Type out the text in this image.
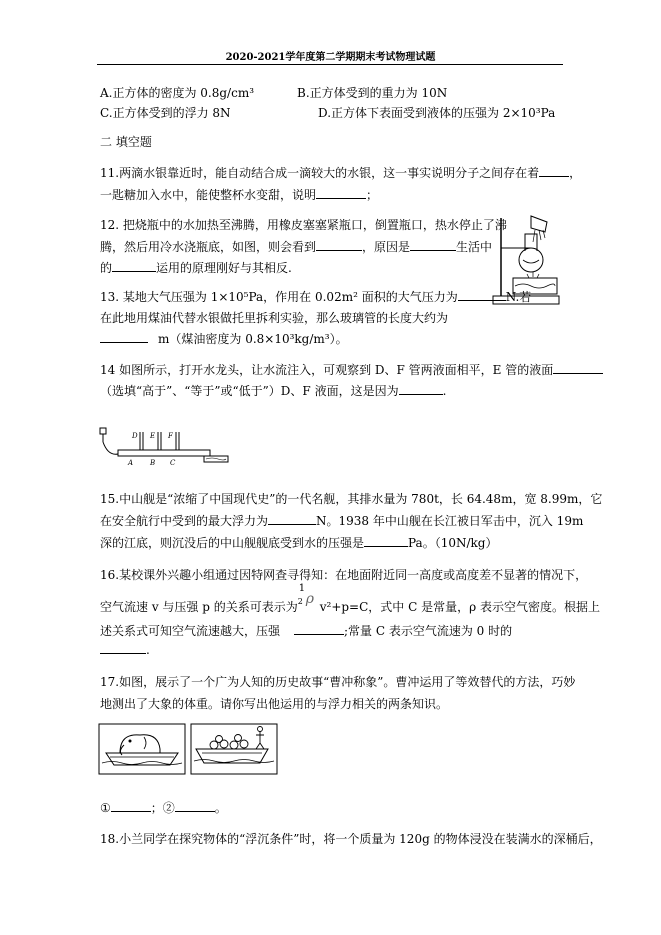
2020-2021学年度第二学期期末考试物理试题
A.正方体的密度为 0.8g/cm³	B.正方体受到的重力为 10N
C.正方体受到的浮力 8N	D.正方体下表面受到液体的压强为 2×10³Pa
二 填空题
11.两滴水银靠近时，能自动结合成一滴较大的水银，这一事实说明分子之间存在着	，
一匙糖加入水中，能使整杯水变甜，说明	；
12. 把烧瓶中的水加热至沸腾，用橡皮塞塞紧瓶口，倒置瓶口，热水停止了沸
腾，然后用冷水浇瓶底，如图，则会看到	，原因是	生活中
的	运用的原理刚好与其相反.
13. 某地大气压强为 1×10⁵Pa，作用在 0.02m² 面积的大气压力为	N.若
在此地用煤油代替水银做托里拆利实验，那么玻璃管的长度大约为
m（煤油密度为 0.8×10³kg/m³）。
14 如图所示，打开水龙头，让水流注入，可观察到 D、F 管两液面相平，E 管的液面
（选填“高于”、“等于”或“低于”）D、F 液面，这是因为	.
D E F
A B C
15.中山舰是“浓缩了中国现代史”的一代名舰，其排水量为 780t，长 64.48m，宽 8.99m，它
在安全航行中受到的最大浮力为	N。1938 年中山舰在长江被日军击中，沉入 19m
深的江底，则沉没后的中山舰舰底受到水的压强是	Pa。（10N/kg）
16.某校课外兴趣小组通过因特网查寻得知：在地面附近同一高度或高度差不显著的情况下，
空气流速 v 与压强 p 的关系可表示为
1
2 ρ v²+p=C，式中 C 是常量，ρ 表示空气密度。根据上
述关系式可知空气流速越大，压强	;常量 C 表示空气流速为 0 时的
.
17.如图，展示了一个广为人知的历史故事“曹冲称象”。曹冲运用了等效替代的方法，巧妙
地测出了大象的体重。请你写出他运用的与浮力相关的两条知识。
①	；②	。
18.小兰同学在探究物体的“浮沉条件”时，将一个质量为 120g 的物体浸没在装满水的深桶后，
